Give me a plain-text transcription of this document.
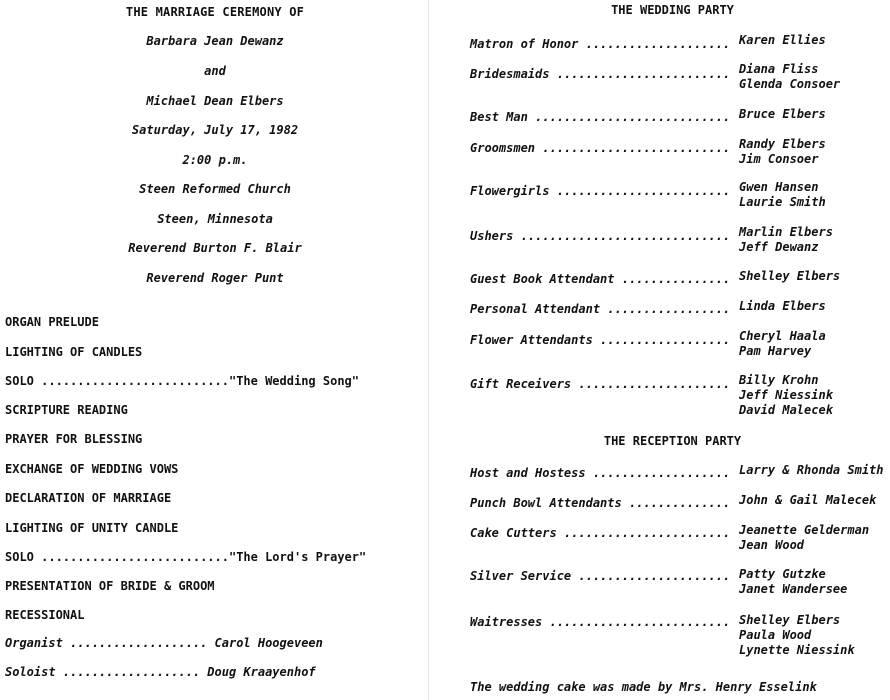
THE MARRIAGE CEREMONY OF
Barbara Jean Dewanz
and
Michael Dean Elbers
Saturday, July 17, 1982
2:00 p.m.
Steen Reformed Church
Steen, Minnesota
Reverend Burton F. Blair
Reverend Roger Punt
ORGAN PRELUDE
LIGHTING OF CANDLES
SOLO .........................."The Wedding Song"
SCRIPTURE READING
PRAYER FOR BLESSING
EXCHANGE OF WEDDING VOWS
DECLARATION OF MARRIAGE
LIGHTING OF UNITY CANDLE
SOLO .........................."The Lord's Prayer"
PRESENTATION OF BRIDE & GROOM
RECESSIONAL
Organist ................... Carol Hoogeveen
Soloist ................... Doug Kraayenhof
THE WEDDING PARTY
Matron of Honor .................... Karen Ellies
Bridesmaids ........................ Diana Fliss
Glenda Consoer
Best Man ........................... Bruce Elbers
Groomsmen .......................... Randy Elbers
Jim Consoer
Flowergirls ........................ Gwen Hansen
Laurie Smith
Ushers ............................. Marlin Elbers
Jeff Dewanz
Guest Book Attendant ............... Shelley Elbers
Personal Attendant ................. Linda Elbers
Flower Attendants .................. Cheryl Haala
Pam Harvey
Gift Receivers ..................... Billy Krohn
Jeff Niessink
David Malecek
THE RECEPTION PARTY
Host and Hostess ................... Larry & Rhonda Smith
Punch Bowl Attendants .............. John & Gail Malecek
Cake Cutters ....................... Jeanette Gelderman
Jean Wood
Silver Service ..................... Patty Gutzke
Janet Wandersee
Waitresses ......................... Shelley Elbers
Paula Wood
Lynette Niessink
The wedding cake was made by Mrs. Henry Esselink
